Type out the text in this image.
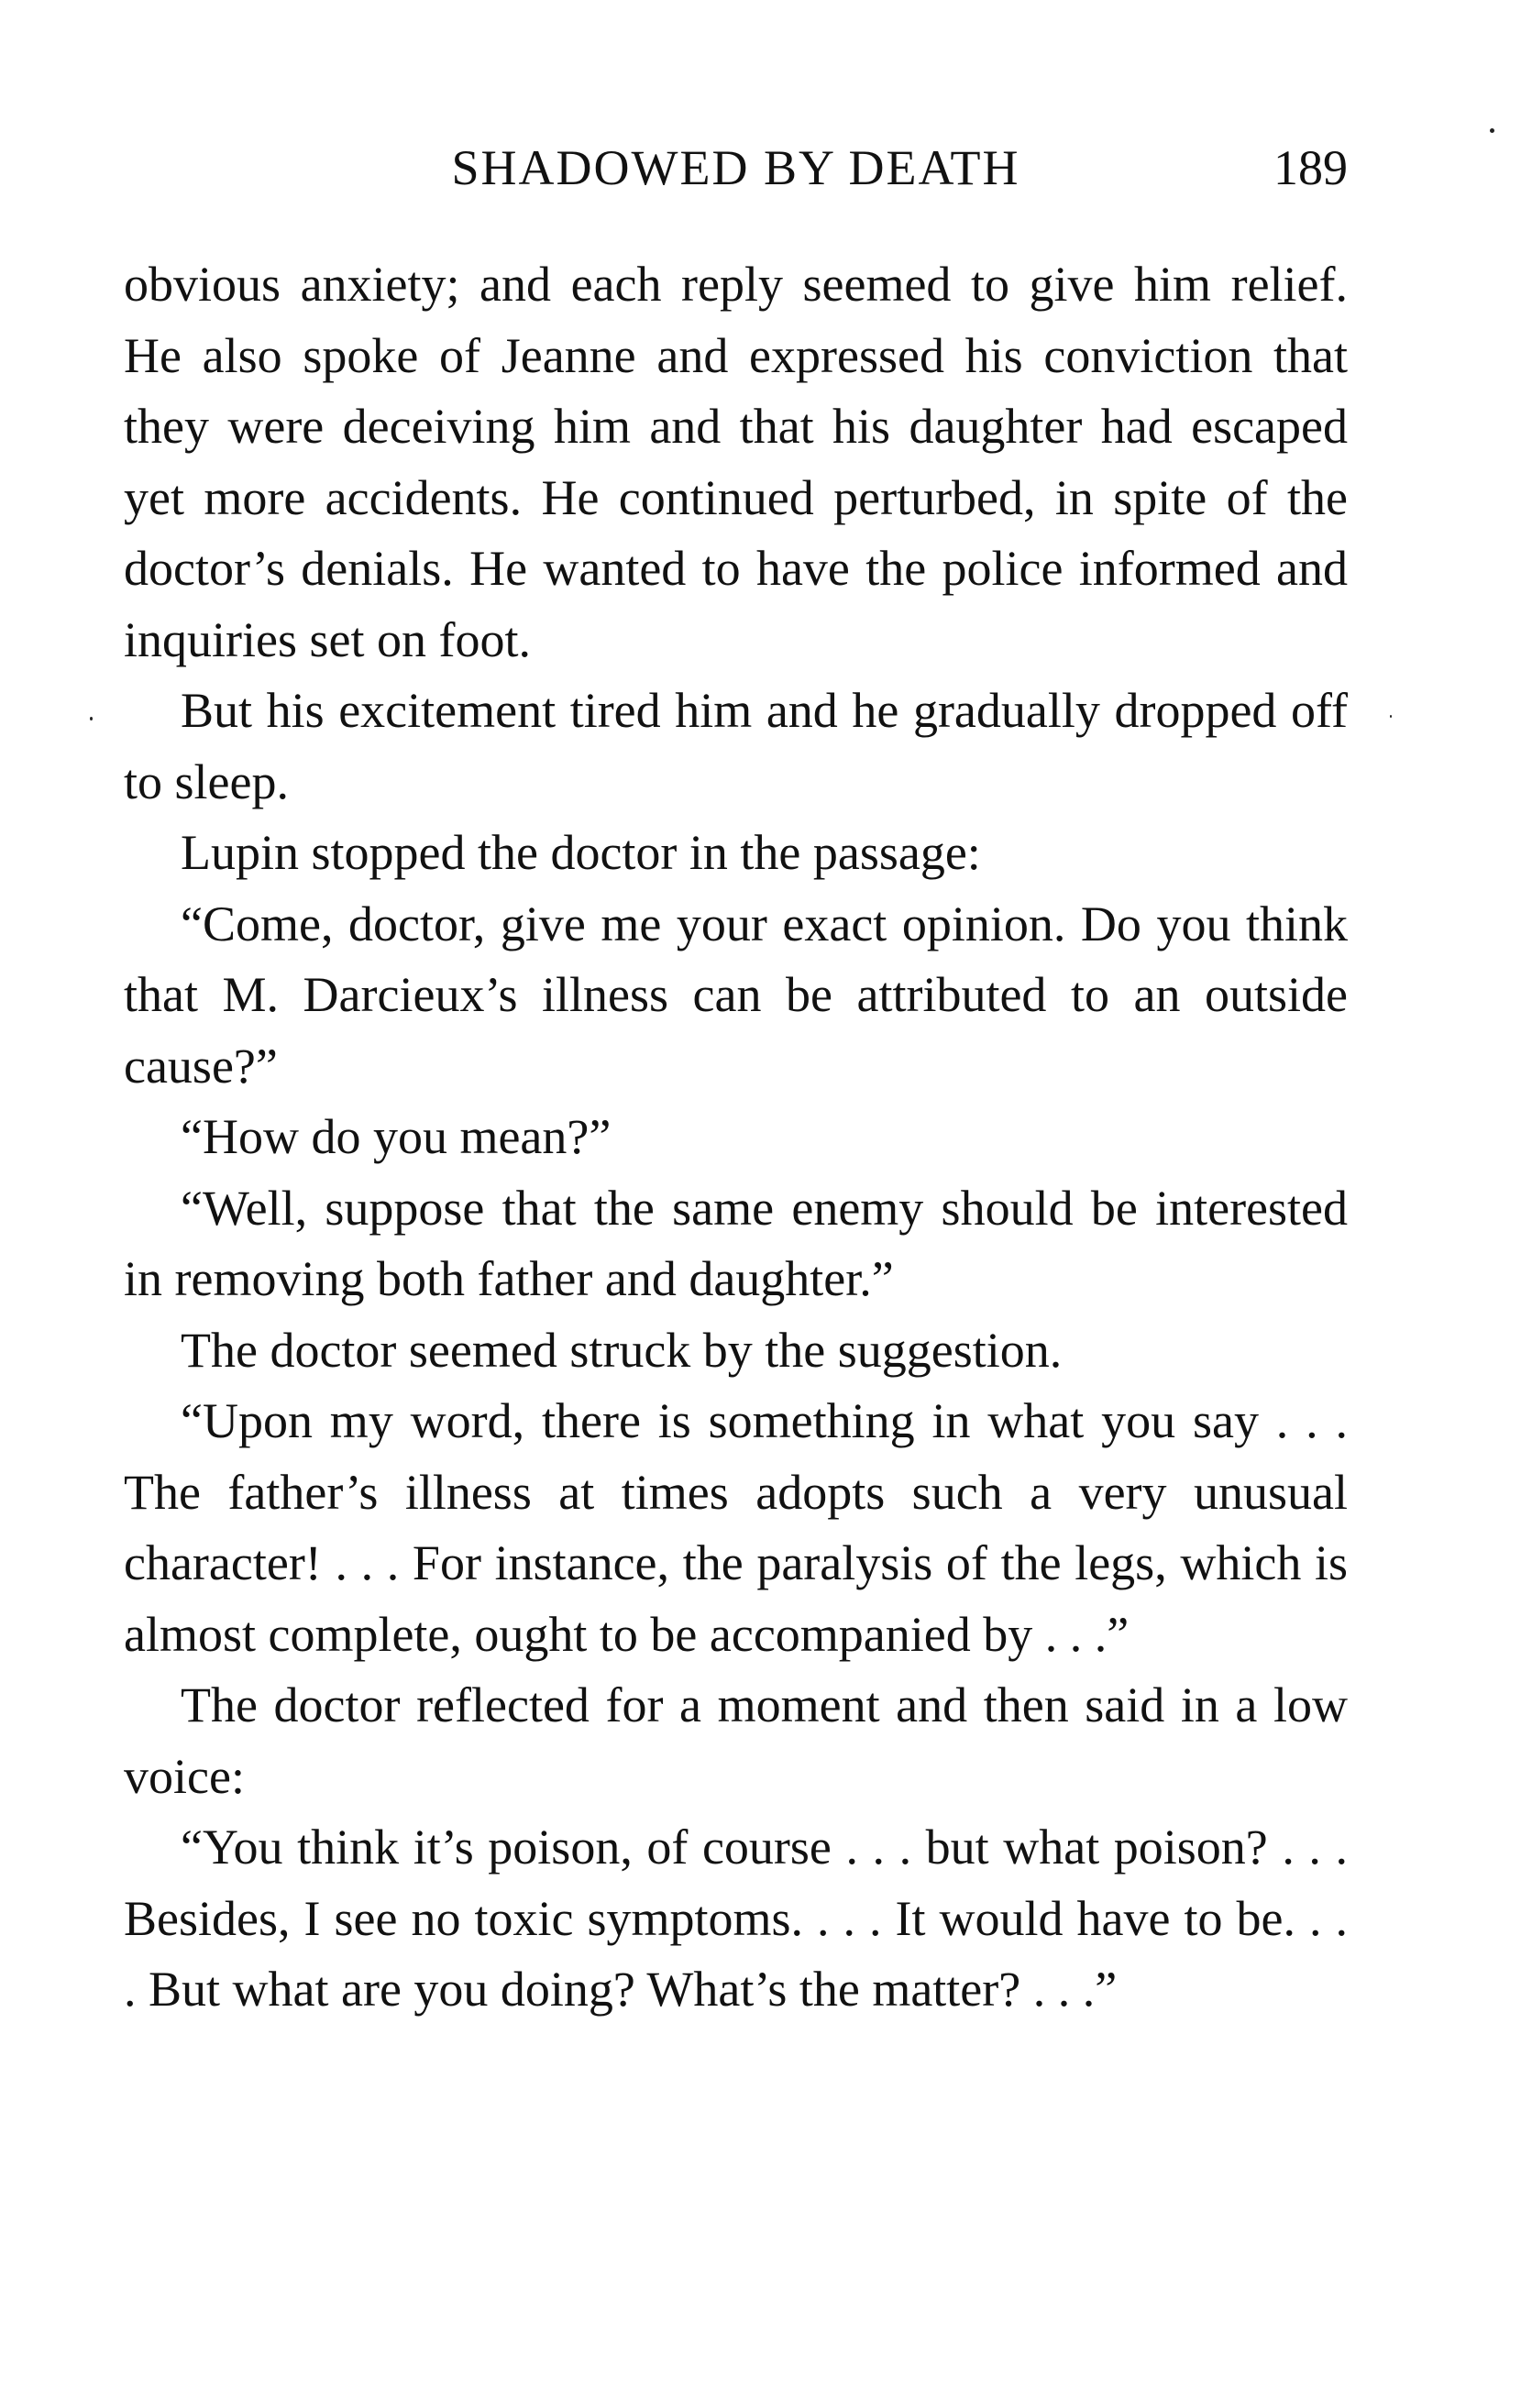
SHADOWED BY DEATH	189

obvious anxiety; and each reply seemed to give him relief. He also spoke of Jeanne and expressed his conviction that they were deceiving him and that his daughter had escaped yet more accidents. He continued perturbed, in spite of the doctor’s denials. He wanted to have the police informed and inquiries set on foot.

But his excitement tired him and he gradually dropped off to sleep.

Lupin stopped the doctor in the passage:

“Come, doctor, give me your exact opinion. Do you think that M. Darcieux’s illness can be attributed to an outside cause?”

“How do you mean?”

“Well, suppose that the same enemy should be interested in removing both father and daughter.”

The doctor seemed struck by the suggestion.

“Upon my word, there is something in what you say . . . The father’s illness at times adopts such a very unusual character! . . . For instance, the paralysis of the legs, which is almost complete, ought to be accompanied by . . .”

The doctor reflected for a moment and then said in a low voice:

“You think it’s poison, of course . . . but what poison? . . . Besides, I see no toxic symptoms. . . . It would have to be. . . . But what are you doing? What’s the matter? . . .”
